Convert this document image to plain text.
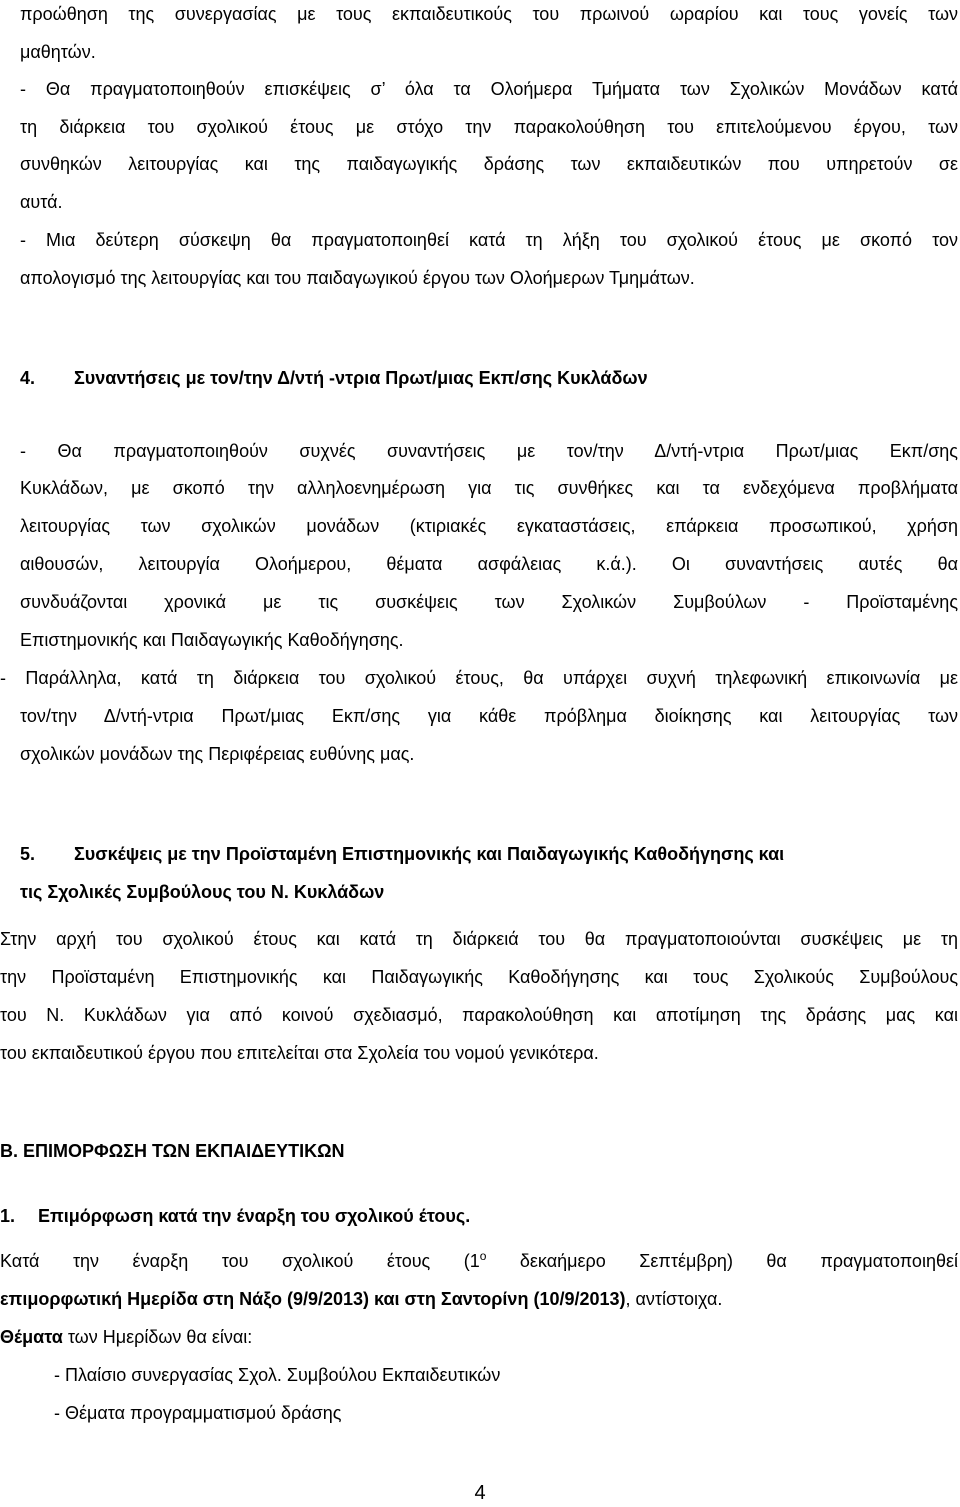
προώθηση της συνεργασίας με τους εκπαιδευτικούς του πρωινού ωραρίου και τους γονείς των
μαθητών.
- Θα πραγματοποιηθούν επισκέψεις σ’ όλα τα Ολοήμερα Τμήματα των Σχολικών Μονάδων κατά
τη διάρκεια του σχολικού έτους με στόχο την παρακολούθηση του επιτελούμενου έργου, των
συνθηκών λειτουργίας και της παιδαγωγικής δράσης των εκπαιδευτικών που υπηρετούν σε
αυτά.
- Μια δεύτερη σύσκεψη θα πραγματοποιηθεί κατά τη λήξη του σχολικού έτους με σκοπό τον
απολογισμό της λειτουργίας και του παιδαγωγικού έργου των Ολοήμερων Τμημάτων.
4. Συναντήσεις με τον/την Δ/ντή -ντρια Πρωτ/μιας Εκπ/σης Κυκλάδων
- Θα πραγματοποιηθούν συχνές συναντήσεις με τον/την Δ/ντή-ντρια Πρωτ/μιας Εκπ/σης
Κυκλάδων, με σκοπό την αλληλοενημέρωση για τις συνθήκες και τα ενδεχόμενα προβλήματα
λειτουργίας των σχολικών μονάδων (κτιριακές εγκαταστάσεις, επάρκεια προσωπικού, χρήση
αιθουσών, λειτουργία Ολοήμερου, θέματα ασφάλειας κ.ά.). Οι συναντήσεις αυτές θα
συνδυάζονται χρονικά με τις συσκέψεις των Σχολικών Συμβούλων - Προϊσταμένης
Επιστημονικής και Παιδαγωγικής Καθοδήγησης.
- Παράλληλα, κατά τη διάρκεια του σχολικού έτους, θα υπάρχει συχνή τηλεφωνική επικοινωνία με
τον/την Δ/ντή-ντρια Πρωτ/μιας Εκπ/σης για κάθε πρόβλημα διοίκησης και λειτουργίας των
σχολικών μονάδων της Περιφέρειας ευθύνης μας.
5. Συσκέψεις με την Προϊσταμένη Επιστημονικής και Παιδαγωγικής Καθοδήγησης και
τις Σχολικές Συμβούλους του Ν. Κυκλάδων
Στην αρχή του σχολικού έτους και κατά τη διάρκειά του θα πραγματοποιούνται συσκέψεις με τη
την Προϊσταμένη Επιστημονικής και Παιδαγωγικής Καθοδήγησης και τους Σχολικούς Συμβούλους
του Ν. Κυκλάδων για από κοινού σχεδιασμό, παρακολούθηση και αποτίμηση της δράσης μας και
του εκπαιδευτικού έργου που επιτελείται στα Σχολεία του νομού γενικότερα.
Β. ΕΠΙΜΟΡΦΩΣΗ ΤΩΝ ΕΚΠΑΙΔΕΥΤΙΚΩΝ
1. Επιμόρφωση κατά την έναρξη του σχολικού έτους.
Κατά την έναρξη του σχολικού έτους ($1^o$ δεκαήμερο Σεπτέμβρη) θα πραγματοποιηθεί
επιμορφωτική Ημερίδα στη Νάξο (9/9/2013) και στη Σαντορίνη (10/9/2013), αντίστοιχα.
Θέματα των Ημερίδων θα είναι:
- Πλαίσιο συνεργασίας Σχολ. Συμβούλου Εκπαιδευτικών
- Θέματα προγραμματισμού δράσης
4
